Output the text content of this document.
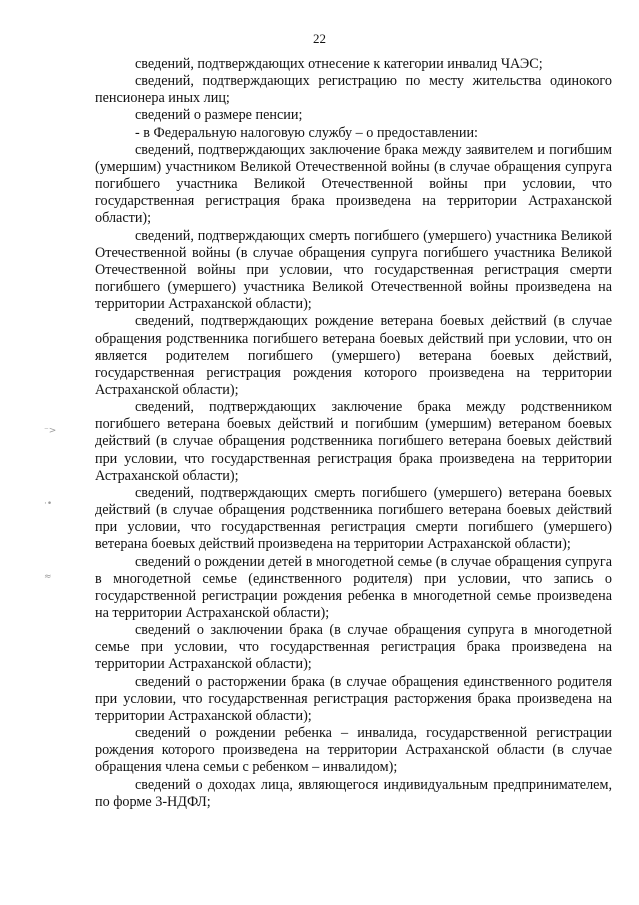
22
⁻>
·•
≈

сведений, подтверждающих отнесение к категории инвалид ЧАЭС;

сведений, подтверждающих регистрацию по месту жительства одинокого пенсионера иных лиц;

сведений о размере пенсии;

- в Федеральную налоговую службу – о предоставлении:

сведений, подтверждающих заключение брака между заявителем и погибшим (умершим) участником Великой Отечественной войны (в случае обращения супруга погибшего участника Великой Отечественной войны при условии, что государственная регистрация брака произведена на территории Астраханской области);

сведений, подтверждающих смерть погибшего (умершего) участника Великой Отечественной войны (в случае обращения супруга погибшего участника Великой Отечественной войны при условии, что государственная регистрация смерти погибшего (умершего) участника Великой Отечественной войны произведена на территории Астраханской области);

сведений, подтверждающих рождение ветерана боевых действий (в случае обращения родственника погибшего ветерана боевых действий при условии, что он является родителем погибшего (умершего) ветерана боевых действий, государственная регистрация рождения которого произведена на территории Астраханской области);

сведений, подтверждающих заключение брака между родственником погибшего ветерана боевых действий и погибшим (умершим) ветераном боевых действий (в случае обращения родственника погибшего ветерана боевых действий при условии, что государственная регистрация брака произведена на территории Астраханской области);

сведений, подтверждающих смерть погибшего (умершего) ветерана боевых действий (в случае обращения родственника погибшего ветерана боевых действий при условии, что государственная регистрация смерти погибшего (умершего) ветерана боевых действий произведена на территории Астраханской области);

сведений о рождении детей в многодетной семье (в случае обращения супруга в многодетной семье (единственного родителя) при условии, что запись о государственной регистрации рождения ребенка в многодетной семье произведена на территории Астраханской области);

сведений о заключении брака (в случае обращения супруга в многодетной семье при условии, что государственная регистрация брака произведена на территории Астраханской области);

сведений о расторжении брака (в случае обращения единственного родителя при условии, что государственная регистрация расторжения брака произведена на территории Астраханской области);

сведений о рождении ребенка – инвалида, государственной регистрации рождения которого произведена на территории Астраханской области (в случае обращения члена семьи с ребенком – инвалидом);

сведений о доходах лица, являющегося индивидуальным предпринимателем, по форме 3-НДФЛ;
